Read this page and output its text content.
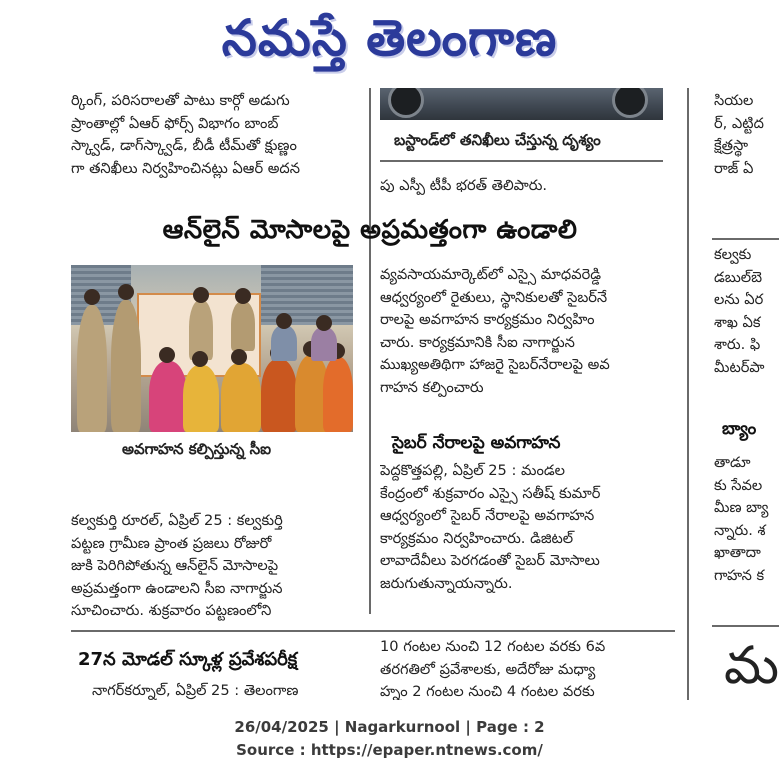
నమస్తే తెలంగాణ
ర్కింగ్, పరిసరాలతో పాటు కార్గో అడుగు
ప్రాంతాల్లో ఏఆర్ ఫోర్స్ విభాగం బాంబ్
స్క్వాడ్, డాగ్‌స్క్వాడ్, బీడీ టీమ్‌తో క్షుణ్ణం
గా తనిఖీలు నిర్వహించినట్లు ఏఆర్ అదన
బస్టాండ్‌లో తనిఖీలు చేస్తున్న దృశ్యం
పు ఎస్పీ టీపీ భరత్ తెలిపారు.
సియల
ర్, ఎట్టిద
క్షేత్రస్థా
రాజ్ ఏ
కల్వకు
డబుల్‌బె
లను ఏర
శాఖ ఏక
శారు. ఫి
మీటర్‌పా
బ్యాం
తాడూ
కు సేవల
మీణ బ్యా
న్నారు. శ
ఖాతాదా
గాహన క
మ
ఆన్‌లైన్ మోసాలపై అప్రమత్తంగా ఉండాలి
అవగాహన కల్పిస్తున్న సీఐ
కల్వకుర్తి రూరల్, ఏప్రిల్ 25 : కల్వకుర్తి
పట్టణ గ్రామీణ ప్రాంత ప్రజలు రోజురో
జుకి పెరిగిపోతున్న ఆన్‌లైన్ మోసాలపై
అప్రమత్తంగా ఉండాలని సీఐ నాగార్జున
సూచించారు. శుక్రవారం పట్టణంలోని
వ్యవసాయమార్కెట్‌లో ఎస్సై మాధవరెడ్డి
ఆధ్వర్యంలో రైతులు, స్థానికులతో సైబర్‌నే
రాలపై అవగాహన కార్యక్రమం నిర్వహిం
చారు. కార్యక్రమానికి సీఐ నాగార్జున
ముఖ్యఅతిథిగా హాజరై సైబర్‌నేరాలపై అవ
గాహన కల్పించారు
సైబర్ నేరాలపై అవగాహన
పెద్దకొత్తపల్లి, ఏప్రిల్ 25 : మండల
కేంద్రంలో శుక్రవారం ఎస్సై సతీష్ కుమార్
ఆధ్వర్యంలో సైబర్ నేరాలపై అవగాహన
కార్యక్రమం నిర్వహించారు. డిజిటల్
లావాదేవీలు పెరగడంతో సైబర్ మోసాలు
జరుగుతున్నాయన్నారు.
27న మోడల్ స్కూళ్ల ప్రవేశపరీక్ష
నాగర్‌కర్నూల్, ఏప్రిల్ 25 : తెలంగాణ
10 గంటల నుంచి 12 గంటల వరకు 6వ
తరగతిలో ప్రవేశాలకు, అదేరోజు మధ్యా
హ్నం 2 గంటల నుంచి 4 గంటల వరకు
26/04/2025 | Nagarkurnool | Page : 2
Source : https://epaper.ntnews.com/
